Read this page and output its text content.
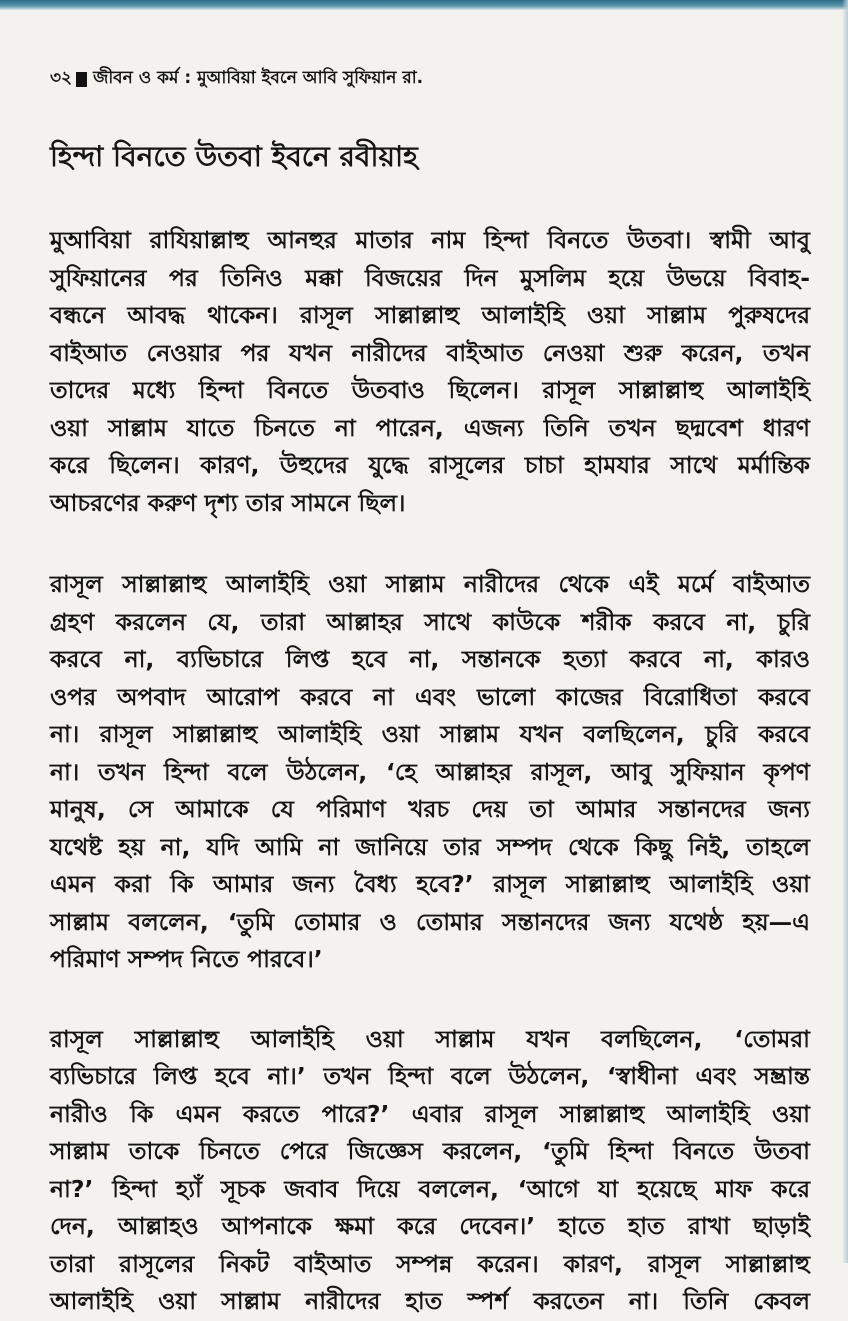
৩২ জীবন ও কর্ম : মুআবিয়া ইবনে আবি সুফিয়ান রা.
হিন্দা বিনতে উতবা ইবনে রবীয়াহ

মুআবিয়া রাযিয়াল্লাহু আনহুর মাতার নাম হিন্দা বিনতে উতবা। স্বামী আবু
সুফিয়ানের পর তিনিও মক্কা বিজয়ের দিন মুসলিম হয়ে উভয়ে বিবাহ-
বন্ধনে আবদ্ধ থাকেন। রাসূল সাল্লাল্লাহু আলাইহি ওয়া সাল্লাম পুরুষদের
বাইআত নেওয়ার পর যখন নারীদের বাইআত নেওয়া শুরু করেন, তখন
তাদের মধ্যে হিন্দা বিনতে উতবাও ছিলেন। রাসূল সাল্লাল্লাহু আলাইহি
ওয়া সাল্লাম যাতে চিনতে না পারেন, এজন্য তিনি তখন ছদ্মবেশ ধারণ
করে ছিলেন। কারণ, উহুদের যুদ্ধে রাসূলের চাচা হামযার সাথে মর্মান্তিক
আচরণের করুণ দৃশ্য তার সামনে ছিল।

রাসূল সাল্লাল্লাহু আলাইহি ওয়া সাল্লাম নারীদের থেকে এই মর্মে বাইআত
গ্রহণ করলেন যে, তারা আল্লাহর সাথে কাউকে শরীক করবে না, চুরি
করবে না, ব্যভিচারে লিপ্ত হবে না, সন্তানকে হত্যা করবে না, কারও
ওপর অপবাদ আরোপ করবে না এবং ভালো কাজের বিরোধিতা করবে
না। রাসূল সাল্লাল্লাহু আলাইহি ওয়া সাল্লাম যখন বলছিলেন, চুরি করবে
না। তখন হিন্দা বলে উঠলেন, ‘হে আল্লাহর রাসূল, আবু সুফিয়ান কৃপণ
মানুষ, সে আমাকে যে পরিমাণ খরচ দেয় তা আমার সন্তানদের জন্য
যথেষ্ট হয় না, যদি আমি না জানিয়ে তার সম্পদ থেকে কিছু নিই, তাহলে
এমন করা কি আমার জন্য বৈধ্য হবে?’ রাসূল সাল্লাল্লাহু আলাইহি ওয়া
সাল্লাম বললেন, ‘তুমি তোমার ও তোমার সন্তানদের জন্য যথেষ্ঠ হয়—এ
পরিমাণ সম্পদ নিতে পারবে।’

রাসূল সাল্লাল্লাহু আলাইহি ওয়া সাল্লাম যখন বলছিলেন, ‘তোমরা
ব্যভিচারে লিপ্ত হবে না।’ তখন হিন্দা বলে উঠলেন, ‘স্বাধীনা এবং সম্ভ্রান্ত
নারীও কি এমন করতে পারে?’ এবার রাসূল সাল্লাল্লাহু আলাইহি ওয়া
সাল্লাম তাকে চিনতে পেরে জিজ্ঞেস করলেন, ‘তুমি হিন্দা বিনতে উতবা
না?’ হিন্দা হ্যাঁ সূচক জবাব দিয়ে বললেন, ‘আগে যা হয়েছে মাফ করে
দেন, আল্লাহও আপনাকে ক্ষমা করে দেবেন।’ হাতে হাত রাখা ছাড়াই
তারা রাসূলের নিকট বাইআত সম্পন্ন করেন। কারণ, রাসূল সাল্লাল্লাহু
আলাইহি ওয়া সাল্লাম নারীদের হাত স্পর্শ করতেন না। তিনি কেবল
